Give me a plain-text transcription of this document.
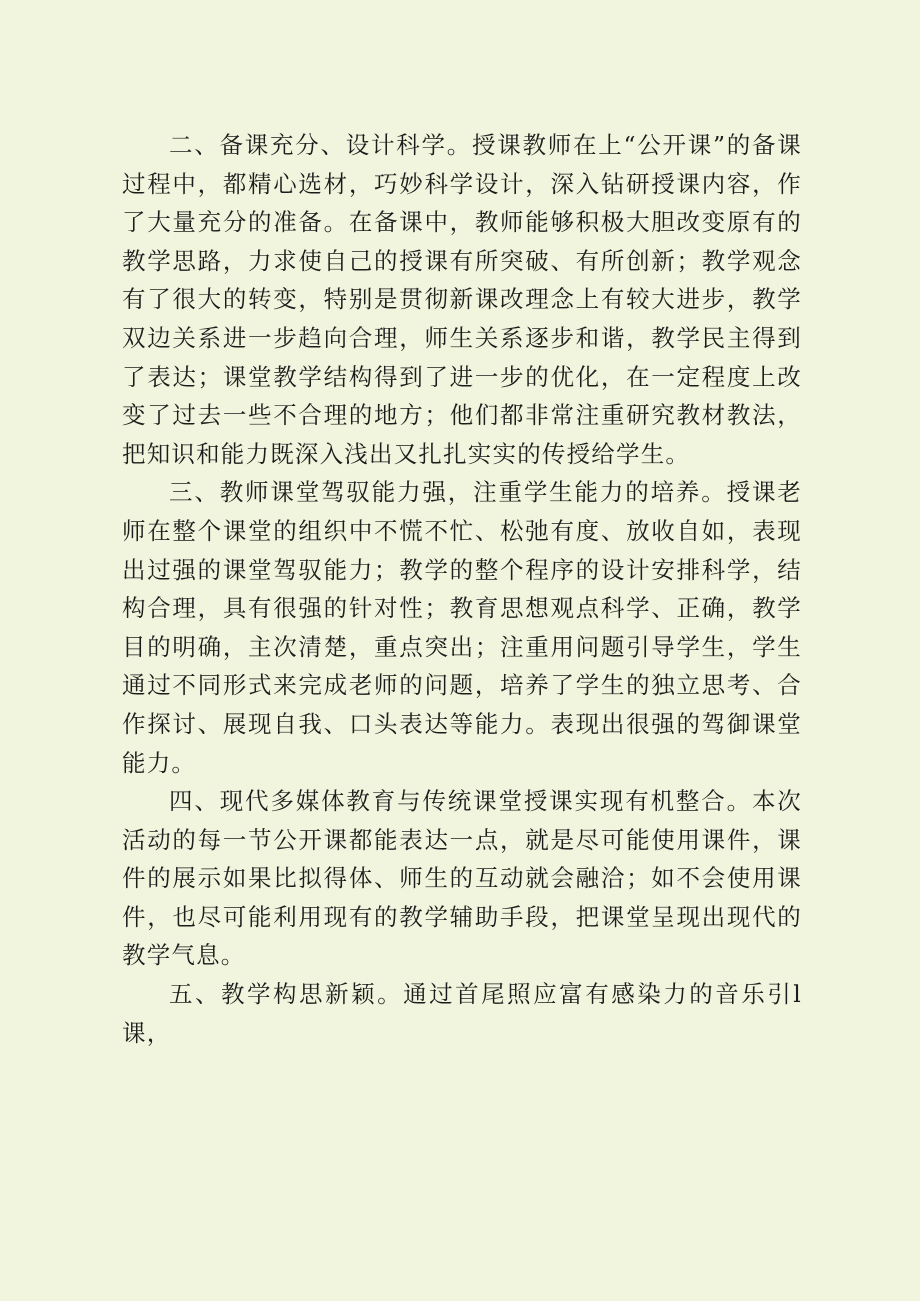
二、备课充分、设计科学。授课教师在上“公开课”的备课过程中，都精心选材，巧妙科学设计，深入钻研授课内容，作了大量充分的准备。在备课中，教师能够积极大胆改变原有的教学思路，力求使自己的授课有所突破、有所创新；教学观念有了很大的转变，特别是贯彻新课改理念上有较大进步，教学双边关系进一步趋向合理，师生关系逐步和谐，教学民主得到了表达；课堂教学结构得到了进一步的优化，在一定程度上改变了过去一些不合理的地方；他们都非常注重研究教材教法，把知识和能力既深入浅出又扎扎实实的传授给学生。

三、教师课堂驾驭能力强，注重学生能力的培养。授课老师在整个课堂的组织中不慌不忙、松弛有度、放收自如，表现出过强的课堂驾驭能力；教学的整个程序的设计安排科学，结构合理，具有很强的针对性；教育思想观点科学、正确，教学目的明确，主次清楚，重点突出；注重用问题引导学生，学生通过不同形式来完成老师的问题，培养了学生的独立思考、合作探讨、展现自我、口头表达等能力。表现出很强的驾御课堂能力。

四、现代多媒体教育与传统课堂授课实现有机整合。本次活动的每一节公开课都能表达一点，就是尽可能使用课件，课件的展示如果比拟得体、师生的互动就会融洽；如不会使用课件，也尽可能利用现有的教学辅助手段，把课堂呈现出现代的教学气息。

五、教学构思新颖。通过首尾照应富有感染力的音乐引l课，
